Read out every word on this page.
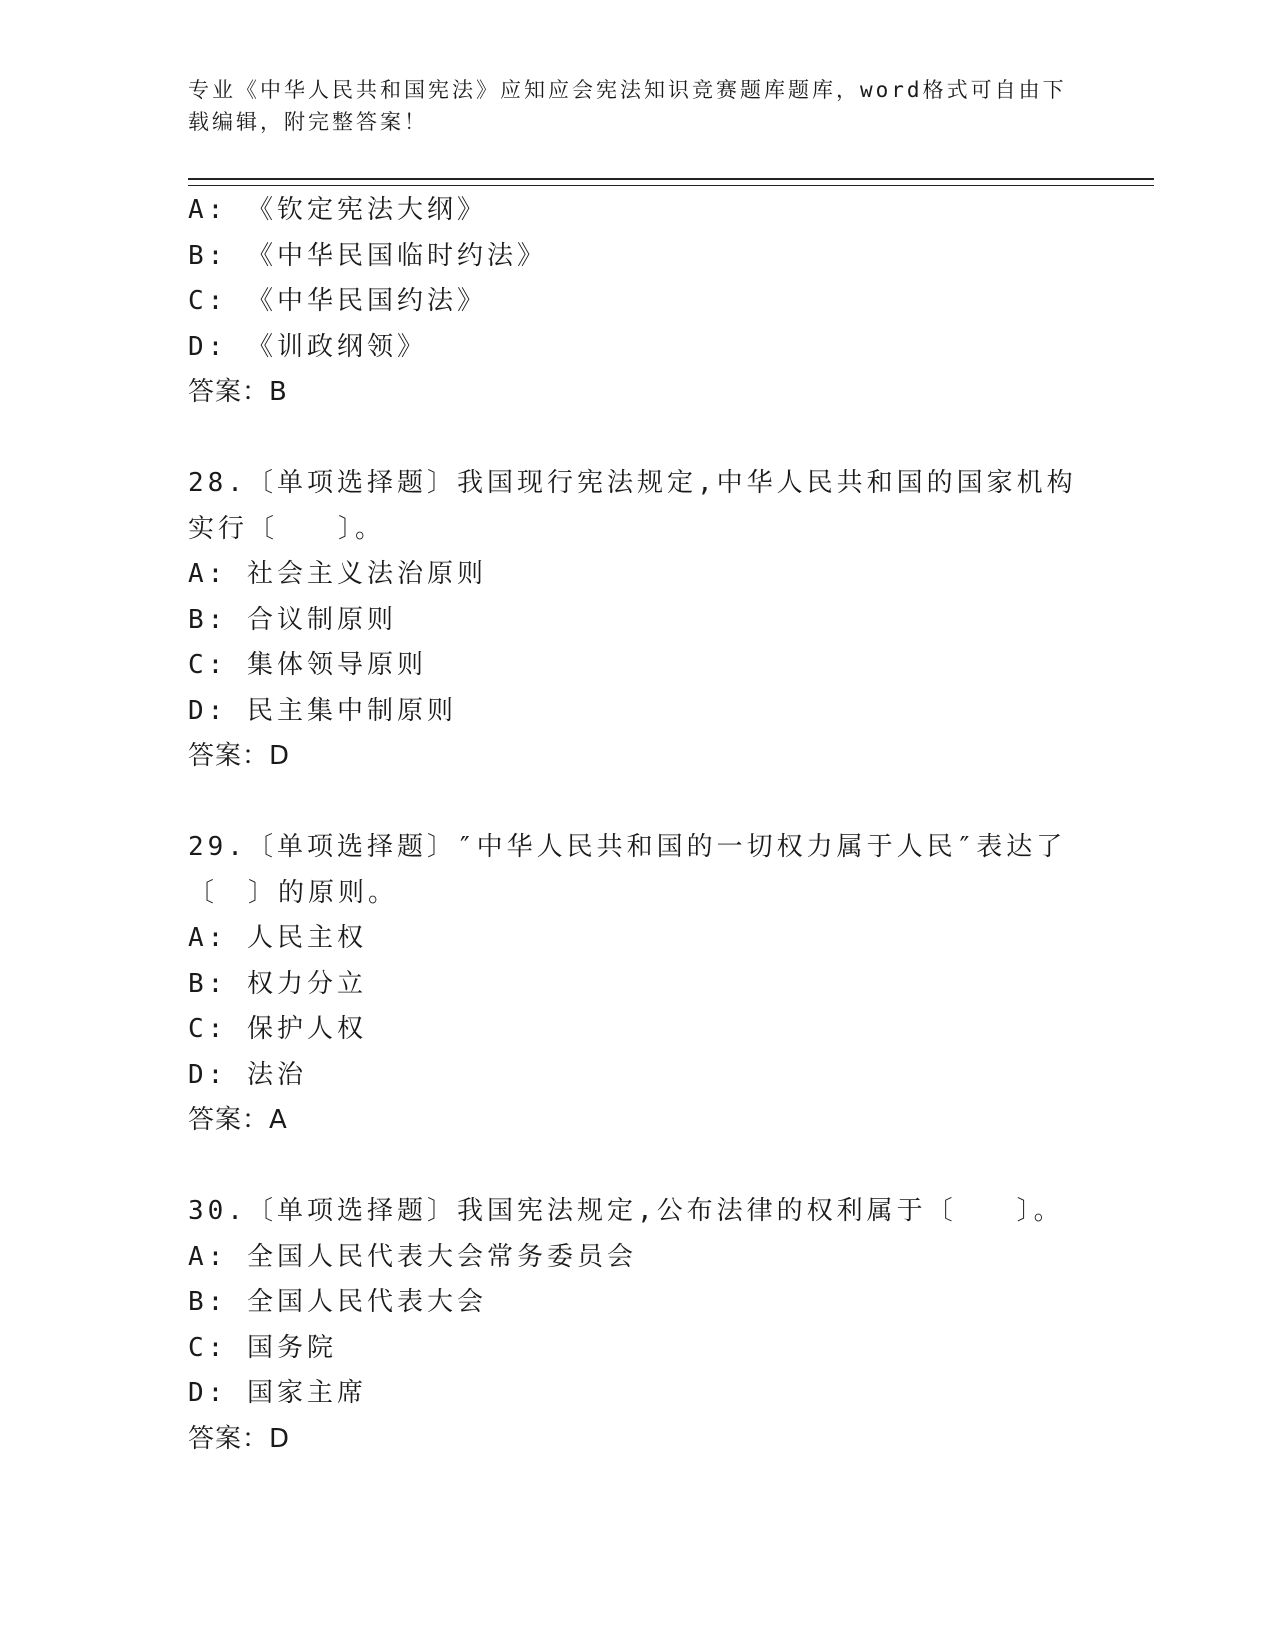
专业《中华人民共和国宪法》应知应会宪法知识竞赛题库题库，word格式可自由下载编辑，附完整答案！
A: 《钦定宪法大纲》
B: 《中华民国临时约法》
C: 《中华民国约法》
D: 《训政纲领》
答案：B
28.〔单项选择题〕我国现行宪法规定,中华人民共和国的国家机构实行〔　　〕。
A: 社会主义法治原则
B: 合议制原则
C: 集体领导原则
D: 民主集中制原则
答案：D
29.〔单项选择题〕″中华人民共和国的一切权力属于人民″表达了〔　〕的原则。
A: 人民主权
B: 权力分立
C: 保护人权
D: 法治
答案：A
30.〔单项选择题〕我国宪法规定,公布法律的权利属于〔　　〕。
A: 全国人民代表大会常务委员会
B: 全国人民代表大会
C: 国务院
D: 国家主席
答案：D
